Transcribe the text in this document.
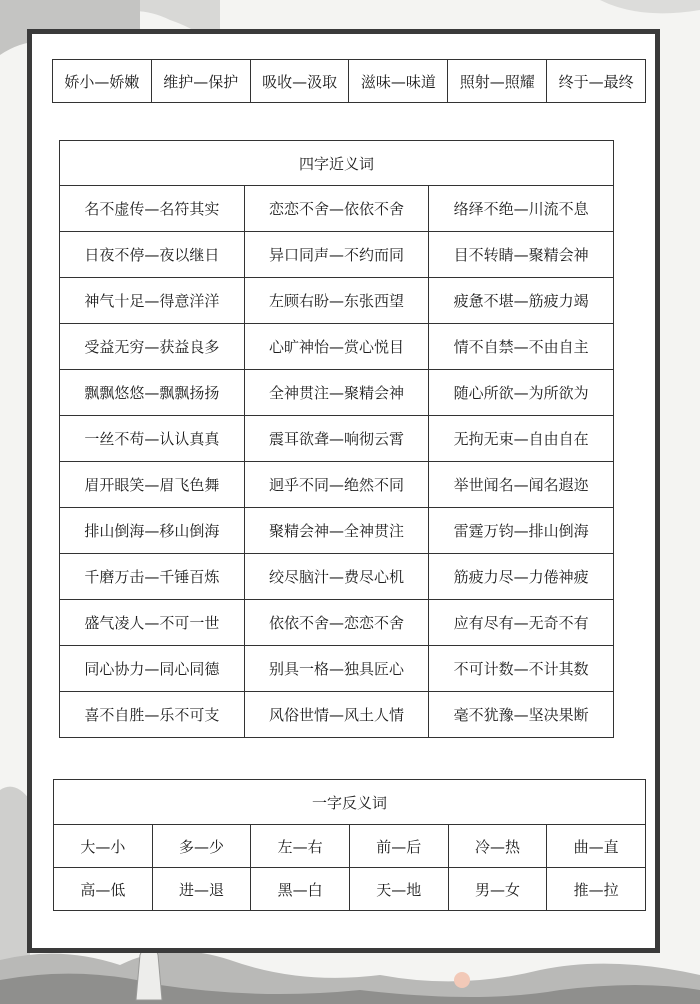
娇小—娇嫩	维护—保护	吸收—汲取	滋味—味道	照射—照耀	终于—最终
四字近义词		
名不虚传—名符其实	恋恋不舍—依依不舍	络绎不绝—川流不息
日夜不停—夜以继日	异口同声—不约而同	目不转睛—聚精会神
神气十足—得意洋洋	左顾右盼—东张西望	疲惫不堪—筋疲力竭
受益无穷—获益良多	心旷神怡—赏心悦目	情不自禁—不由自主
飘飘悠悠—飘飘扬扬	全神贯注—聚精会神	随心所欲—为所欲为
一丝不苟—认认真真	震耳欲聋—响彻云霄	无拘无束—自由自在
眉开眼笑—眉飞色舞	迥乎不同—绝然不同	举世闻名—闻名遐迩
排山倒海—移山倒海	聚精会神—全神贯注	雷霆万钧—排山倒海
千磨万击—千锤百炼	绞尽脑汁—费尽心机	筋疲力尽—力倦神疲
盛气凌人—不可一世	依依不舍—恋恋不舍	应有尽有—无奇不有
同心协力—同心同德	别具一格—独具匠心	不可计数—不计其数
喜不自胜—乐不可支	风俗世情—风土人情	毫不犹豫—坚决果断
一字反义词					
大—小	多—少	左—右	前—后	冷—热	曲—直
高—低	进—退	黑—白	天—地	男—女	推—拉
